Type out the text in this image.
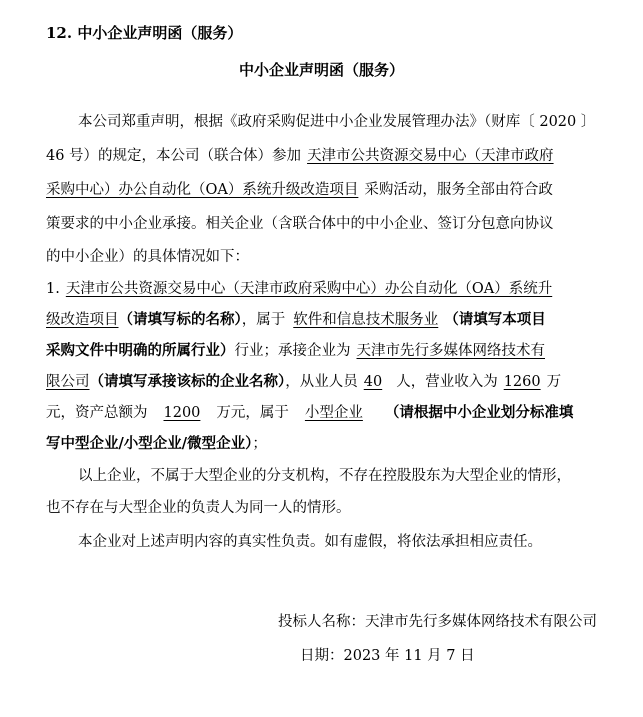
12. 中小企业声明函（服务）
中小企业声明函（服务）
本公司郑重声明，根据《政府采购促进中小企业发展管理办法》（财库〔 2020 〕
46 号）的规定，本公司（联合体）参加 天津市公共资源交易中心（天津市政府
采购中心）办公自动化（OA）系统升级改造项目 采购活动，服务全部由符合政
策要求的中小企业承接。相关企业（含联合体中的中小企业、签订分包意向协议
的中小企业）的具体情况如下：
1. 天津市公共资源交易中心（天津市政府采购中心）办公自动化（OA）系统升
级改造项目（请填写标的名称），属于 软件和信息技术服务业 （请填写本项目
采购文件中明确的所属行业）行业；承接企业为 天津市先行多媒体网络技术有
限公司（请填写承接该标的企业名称），从业人员 40 人，营业收入为 1260 万
元，资产总额为 1200 万元，属于 小型企业 （请根据中小企业划分标准填
写中型企业/小型企业/微型企业）；
以上企业，不属于大型企业的分支机构，不存在控股股东为大型企业的情形，
也不存在与大型企业的负责人为同一人的情形。
本企业对上述声明内容的真实性负责。如有虚假，将依法承担相应责任。
投标人名称：天津市先行多媒体网络技术有限公司
日期：2023 年 11 月 7 日
